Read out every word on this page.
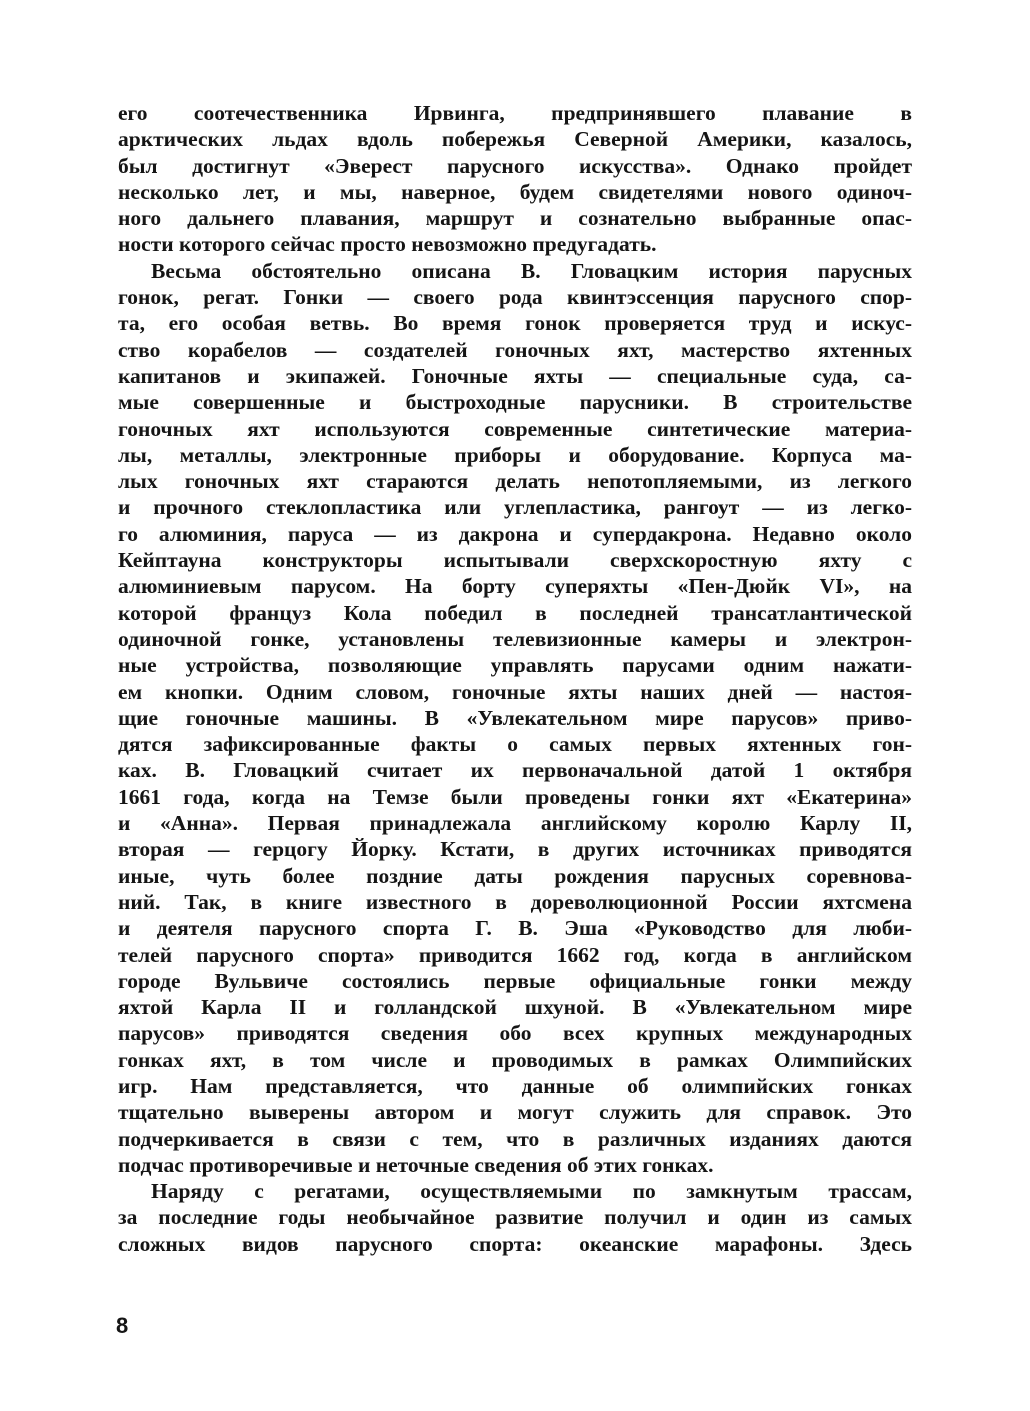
его соотечественника Ирвинга, предпринявшего плавание в
арктических льдах вдоль побережья Северной Америки, казалось,
был достигнут «Эверест парусного искусства». Однако пройдет
несколько лет, и мы, наверное, будем свидетелями нового одиноч-
ного дальнего плавания, маршрут и сознательно выбранные опас-
ности которого сейчас просто невозможно предугадать.
Весьма обстоятельно описана В. Гловацким история парусных
гонок, регат. Гонки — своего рода квинтэссенция парусного спор-
та, его особая ветвь. Во время гонок проверяется труд и искус-
ство корабелов — создателей гоночных яхт, мастерство яхтенных
капитанов и экипажей. Гоночные яхты — специальные суда, са-
мые совершенные и быстроходные парусники. В строительстве
гоночных яхт используются современные синтетические материа-
лы, металлы, электронные приборы и оборудование. Корпуса ма-
лых гоночных яхт стараются делать непотопляемыми, из легкого
и прочного стеклопластика или углепластика, рангоут — из легко-
го алюминия, паруса — из дакрона и супердакрона. Недавно около
Кейптауна конструкторы испытывали сверхскоростную яхту с
алюминиевым парусом. На борту суперяхты «Пен-Дюйк VI», на
которой француз Кола победил в последней трансатлантической
одиночной гонке, установлены телевизионные камеры и электрон-
ные устройства, позволяющие управлять парусами одним нажати-
ем кнопки. Одним словом, гоночные яхты наших дней — настоя-
щие гоночные машины. В «Увлекательном мире парусов» приво-
дятся зафиксированные факты о самых первых яхтенных гон-
ках. В. Гловацкий считает их первоначальной датой 1 октября
1661 года, когда на Темзе были проведены гонки яхт «Екатерина»
и «Анна». Первая принадлежала английскому королю Карлу II,
вторая — герцогу Йорку. Кстати, в других источниках приводятся
иные, чуть более поздние даты рождения парусных соревнова-
ний. Так, в книге известного в дореволюционной России яхтсмена
и деятеля парусного спорта Г. В. Эша «Руководство для люби-
телей парусного спорта» приводится 1662 год, когда в английском
городе Вульвиче состоялись первые официальные гонки между
яхтой Карла II и голландской шхуной. В «Увлекательном мире
парусов» приводятся сведения обо всех крупных международных
гонках яхт, в том числе и проводимых в рамках Олимпийских
игр. Нам представляется, что данные об олимпийских гонках
тщательно выверены автором и могут служить для справок. Это
подчеркивается в связи с тем, что в различных изданиях даются
подчас противоречивые и неточные сведения об этих гонках.
Наряду с регатами, осуществляемыми по замкнутым трассам,
за последние годы необычайное развитие получил и один из самых
сложных видов парусного спорта: океанские марафоны. Здесь
8
